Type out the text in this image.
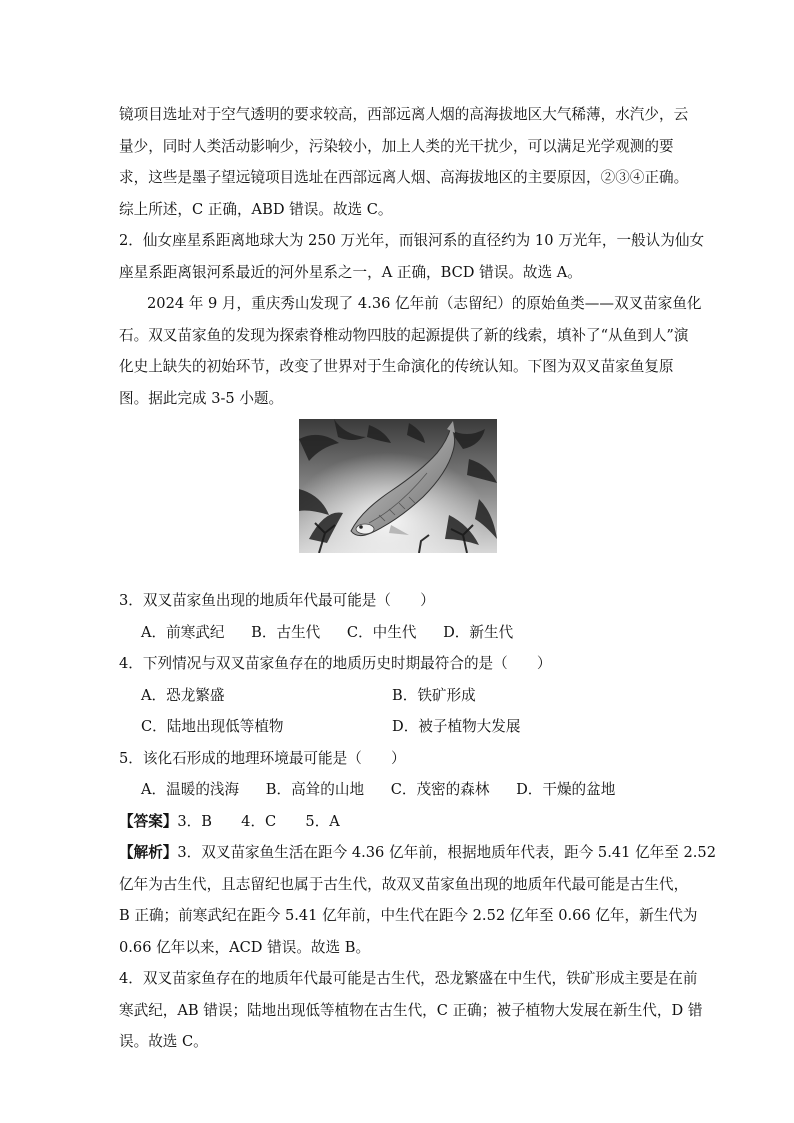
镜项目选址对于空气透明的要求较高，西部远离人烟的高海拔地区大气稀薄，水汽少，云
量少，同时人类活动影响少，污染较小，加上人类的光干扰少，可以满足光学观测的要
求，这些是墨子望远镜项目选址在西部远离人烟、高海拔地区的主要原因，②③④正确。
综上所述，C 正确，ABD 错误。故选 C。

2．仙女座星系距离地球大为 250 万光年，而银河系的直径约为 10 万光年，一般认为仙女
座星系距离银河系最近的河外星系之一，A 正确，BCD 错误。故选 A。

2024 年 9 月，重庆秀山发现了 4.36 亿年前（志留纪）的原始鱼类——双叉苗家鱼化
石。双叉苗家鱼的发现为探索脊椎动物四肢的起源提供了新的线索，填补了“从鱼到人”演
化史上缺失的初始环节，改变了世界对于生命演化的传统认知。下图为双叉苗家鱼复原
图。据此完成 3-5 小题。

3．双叉苗家鱼出现的地质年代最可能是（　　）

A．前寒武纪 B．古生代 C．中生代 D．新生代

4．下列情况与双叉苗家鱼存在的地质历史时期最符合的是（　　）

A．恐龙繁盛	B．铁矿形成

C．陆地出现低等植物	D．被子植物大发展

5．该化石形成的地理环境最可能是（　　）

A．温暖的浅海 B．高耸的山地 C．茂密的森林 D．干燥的盆地

【答案】3．B　　4．C　　5．A

【解析】3．双叉苗家鱼生活在距今 4.36 亿年前，根据地质年代表，距今 5.41 亿年至 2.52
亿年为古生代，且志留纪也属于古生代，故双叉苗家鱼出现的地质年代最可能是古生代，
B 正确；前寒武纪在距今 5.41 亿年前，中生代在距今 2.52 亿年至 0.66 亿年，新生代为
0.66 亿年以来，ACD 错误。故选 B。

4．双叉苗家鱼存在的地质年代最可能是古生代，恐龙繁盛在中生代，铁矿形成主要是在前
寒武纪，AB 错误；陆地出现低等植物在古生代，C 正确；被子植物大发展在新生代，D 错
误。故选 C。
